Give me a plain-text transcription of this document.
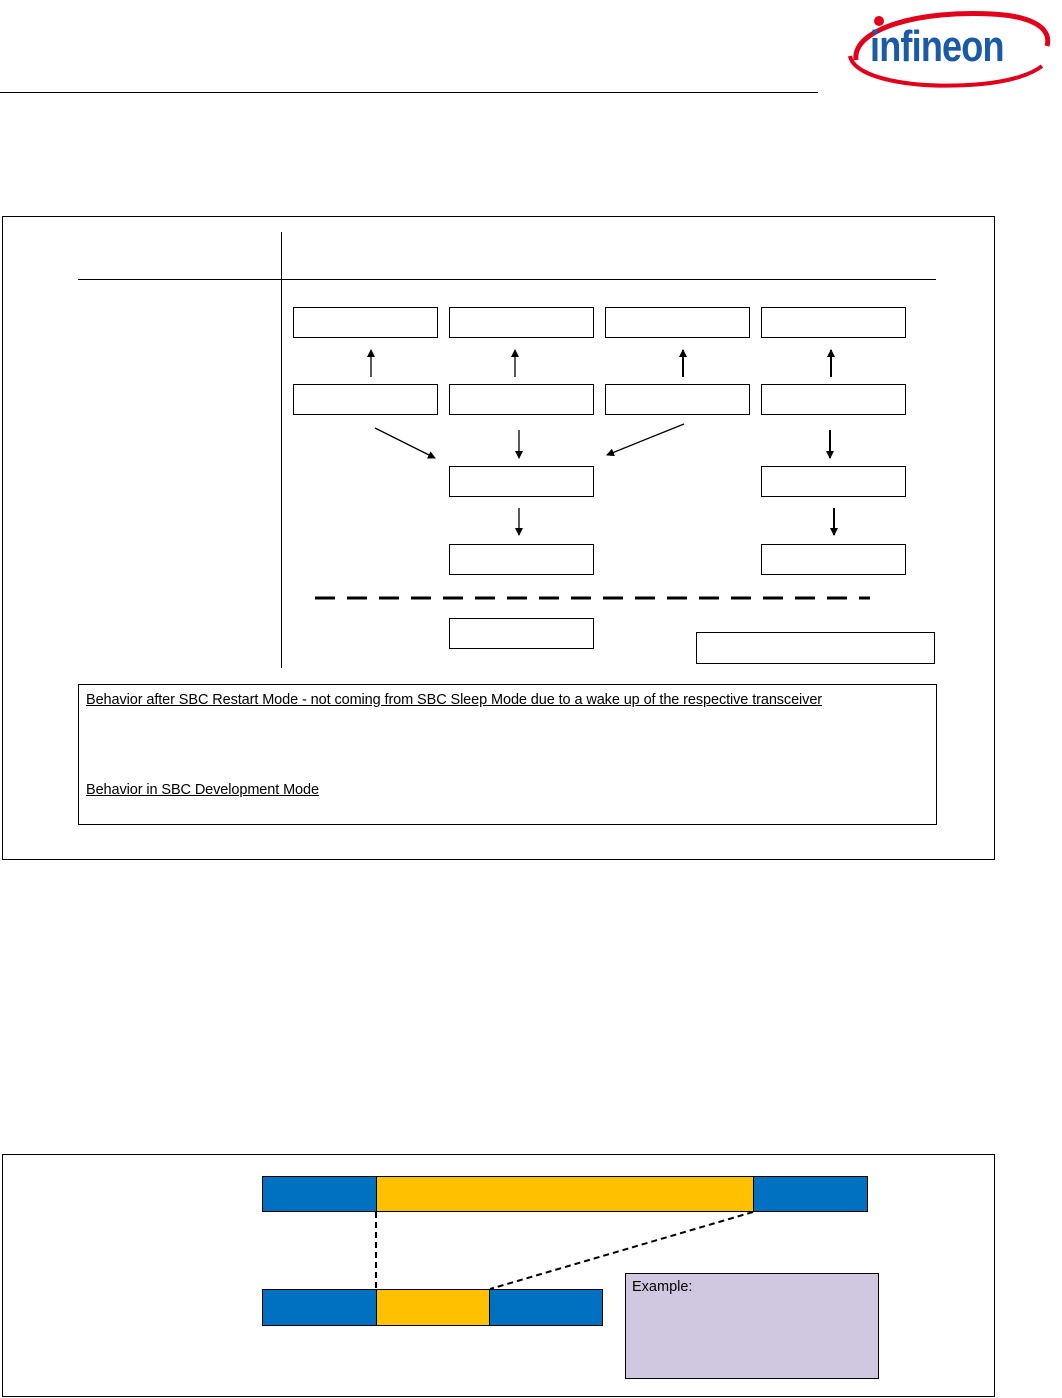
infineon
Behavior after SBC Restart Mode - not coming from SBC Sleep Mode due to a wake up of the respective transceiver
Behavior in SBC Development Mode
Example:
